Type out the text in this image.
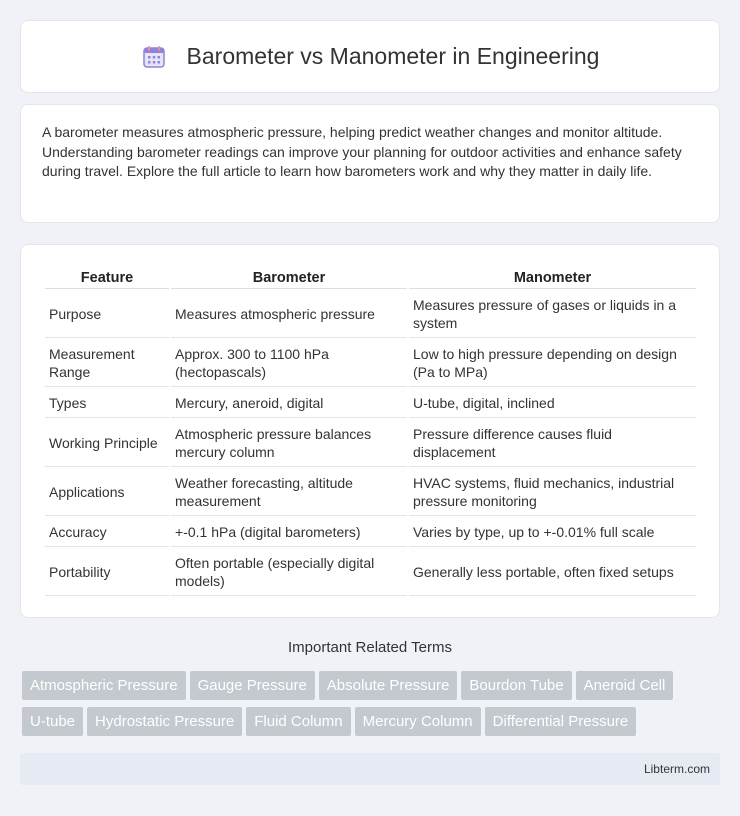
Barometer vs Manometer in Engineering

A barometer measures atmospheric pressure, helping predict weather changes and monitor altitude. Understanding barometer readings can improve your planning for outdoor activities and enhance safety during travel. Explore the full article to learn how barometers work and why they matter in daily life.

Feature	Barometer	Manometer
Purpose	Measures atmospheric pressure	Measures pressure of gases or liquids in a system
Measurement Range	Approx. 300 to 1100 hPa (hectopascals)	Low to high pressure depending on design (Pa to MPa)
Types	Mercury, aneroid, digital	U-tube, digital, inclined
Working Principle	Atmospheric pressure balances mercury column	Pressure difference causes fluid displacement
Applications	Weather forecasting, altitude measurement	HVAC systems, fluid mechanics, industrial pressure monitoring
Accuracy	+-0.1 hPa (digital barometers)	Varies by type, up to +-0.01% full scale
Portability	Often portable (especially digital models)	Generally less portable, often fixed setups
Important Related Terms
Atmospheric Pressure Gauge Pressure Absolute Pressure Bourdon Tube Aneroid CellU-tube Hydrostatic Pressure Fluid Column Mercury Column Differential Pressure
Libterm.com
